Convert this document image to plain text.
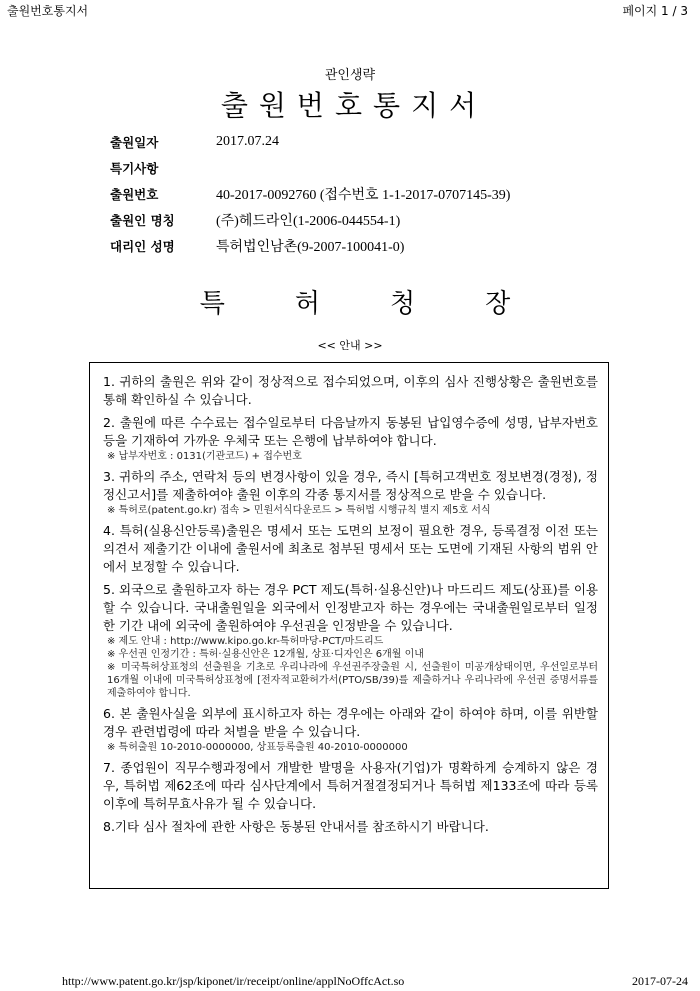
출원번호통지서	페이지 1 / 3
관인생략
출원번호통지서
출원일자	2017.07.24
특기사항
출원번호	40-2017-0092760 (접수번호 1-1-2017-0707145-39)
출원인 명칭	(주)헤드라인(1-2006-044554-1)
대리인 성명	특허법인남촌(9-2007-100041-0)
특허청장
<< 안내 >>
1. 귀하의 출원은 위와 같이 정상적으로 접수되었으며, 이후의 심사 진행상황은 출원번호를 통해 확인하실 수 있습니다.
2. 출원에 따른 수수료는 접수일로부터 다음날까지 동봉된 납입영수증에 성명, 납부자번호 등을 기재하여 가까운 우체국 또는 은행에 납부하여야 합니다.
※ 납부자번호 : 0131(기관코드) + 접수번호
3. 귀하의 주소, 연락처 등의 변경사항이 있을 경우, 즉시 [특허고객번호 정보변경(경정), 정정신고서]를 제출하여야 출원 이후의 각종 통지서를 정상적으로 받을 수 있습니다.
※ 특허로(patent.go.kr) 접속 > 민원서식다운로드 > 특허법 시행규칙 별지 제5호 서식
4. 특허(실용신안등록)출원은 명세서 또는 도면의 보정이 필요한 경우, 등록결정 이전 또는 의견서 제출기간 이내에 출원서에 최초로 첨부된 명세서 또는 도면에 기재된 사항의 범위 안에서 보정할 수 있습니다.
5. 외국으로 출원하고자 하는 경우 PCT 제도(특허·실용신안)나 마드리드 제도(상표)를 이용할 수 있습니다. 국내출원일을 외국에서 인정받고자 하는 경우에는 국내출원일로부터 일정한 기간 내에 외국에 출원하여야 우선권을 인정받을 수 있습니다.
※ 제도 안내 : http://www.kipo.go.kr-특허마당-PCT/마드리드
※ 우선권 인정기간 : 특허·실용신안은 12개월, 상표·디자인은 6개월 이내
※ 미국특허상표청의 선출원을 기초로 우리나라에 우선권주장출원 시, 선출원이 미공개상태이면, 우선일로부터 16개월 이내에 미국특허상표청에 [전자적교환허가서(PTO/SB/39)를 제출하거나 우리나라에 우선권 증명서류를 제출하여야 합니다.
6. 본 출원사실을 외부에 표시하고자 하는 경우에는 아래와 같이 하여야 하며, 이를 위반할 경우 관련법령에 따라 처벌을 받을 수 있습니다.
※ 특허출원 10-2010-0000000, 상표등록출원 40-2010-0000000
7. 종업원이 직무수행과정에서 개발한 발명을 사용자(기업)가 명확하게 승계하지 않은 경우, 특허법 제62조에 따라 심사단계에서 특허거절결정되거나 특허법 제133조에 따라 등록이후에 특허무효사유가 될 수 있습니다.
8.기타 심사 절차에 관한 사항은 동봉된 안내서를 참조하시기 바랍니다.
http://www.patent.go.kr/jsp/kiponet/ir/receipt/online/applNoOffcAct.so	2017-07-24
